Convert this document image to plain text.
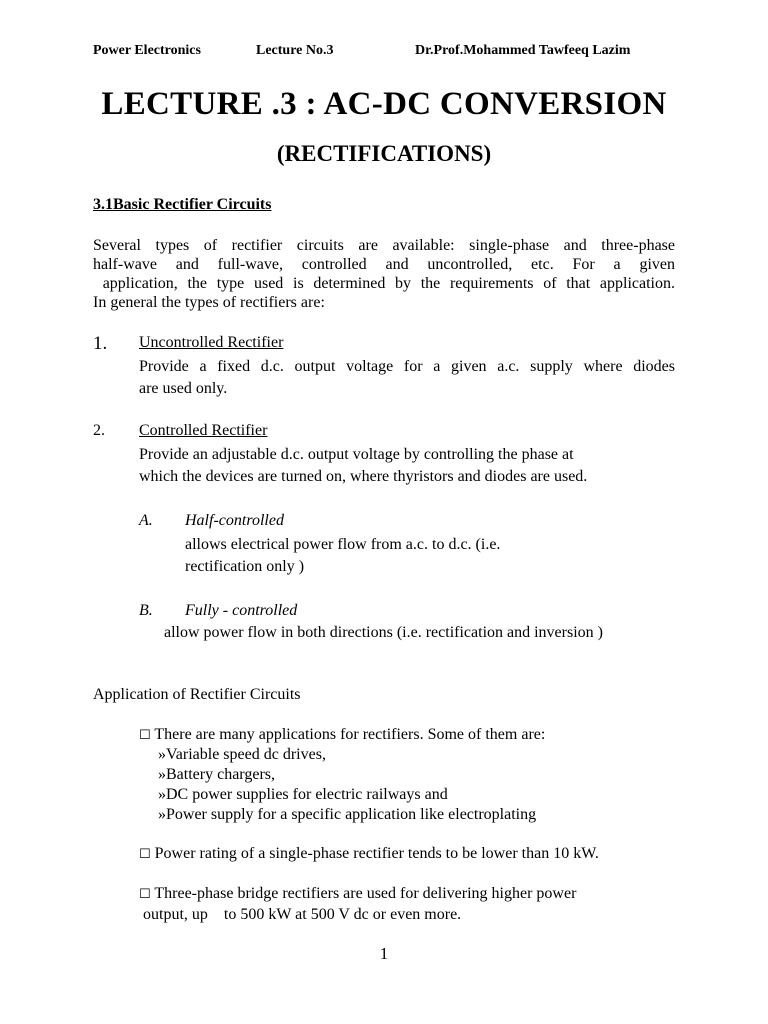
Power Electronics	Lecture No.3	Dr.Prof.Mohammed Tawfeeq Lazim
LECTURE .3 : AC-DC CONVERSION
(RECTIFICATIONS)
3.1Basic Rectifier Circuits
Several types of rectifier circuits are available: single-phase and three-phase
half-wave and full-wave, controlled and uncontrolled, etc. For a given
application, the type used is determined by the requirements of that application.
In general the types of rectifiers are:
1. Uncontrolled Rectifier
Provide a fixed d.c. output voltage for a given a.c. supply where diodes
are used only.
2. Controlled Rectifier
Provide an adjustable d.c. output voltage by controlling the phase at
which the devices are turned on, where thyristors and diodes are used.
A. Half-controlled
allows electrical power flow from a.c. to d.c. (i.e.
rectification only )
B. Fully - controlled
allow power flow in both directions (i.e. rectification and inversion )
Application of Rectifier Circuits
☐ There are many applications for rectifiers. Some of them are:
»Variable speed dc drives,
»Battery chargers,
»DC power supplies for electric railways and
»Power supply for a specific application like electroplating
☐ Power rating of a single-phase rectifier tends to be lower than 10 kW.
☐ Three-phase bridge rectifiers are used for delivering higher power
output, up    to 500 kW at 500 V dc or even more.
1
